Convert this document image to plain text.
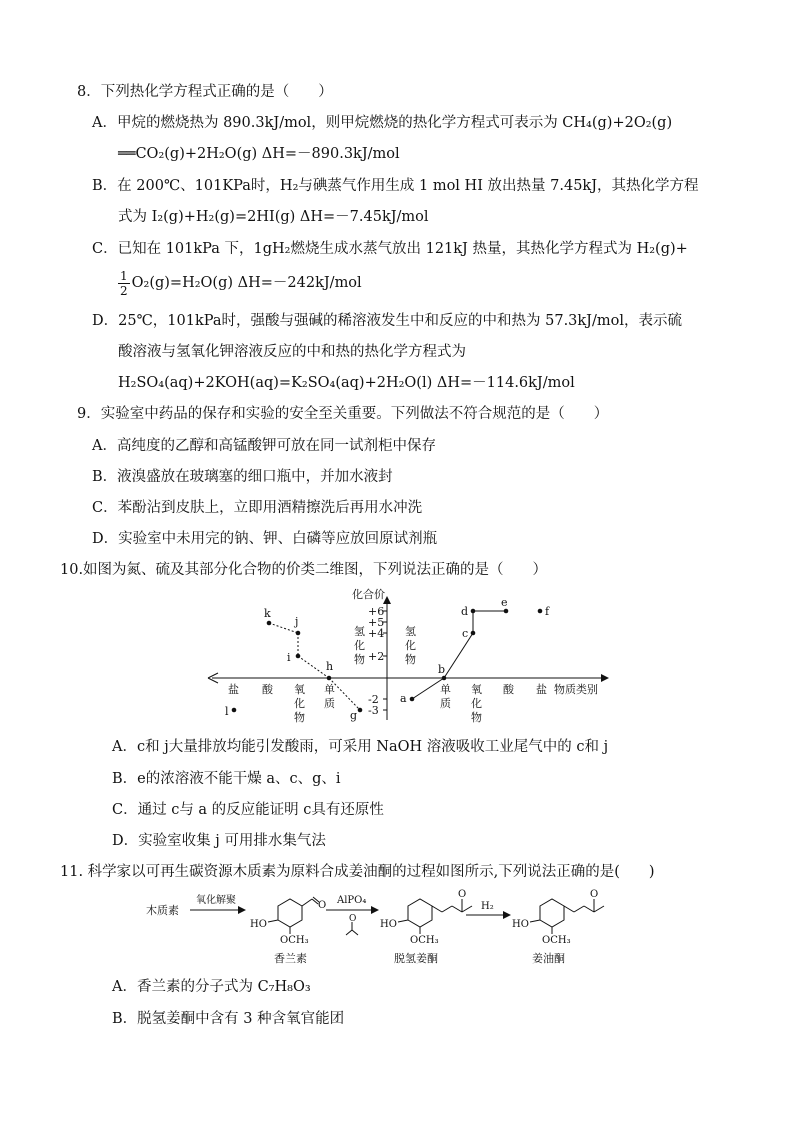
8．下列热化学方程式正确的是（　　）
A．甲烷的燃烧热为 890.3kJ/mol，则甲烷燃烧的热化学方程式可表示为 CH₄(g)+2O₂(g)
══CO₂(g)+2H₂O(g) ΔH=－890.3kJ/mol
B．在 200℃、101KPa时，H₂与碘蒸气作用生成 1 mol HI 放出热量 7.45kJ，其热化学方程
式为 I₂(g)+H₂(g)=2HI(g) ΔH=－7.45kJ/mol
C．已知在 101kPa 下，1gH₂燃烧生成水蒸气放出 121kJ 热量，其热化学方程式为 H₂(g)+
$\frac{1}{2} O_2(g)=H_2O(g)$ ΔH=－242kJ/mol
D．25℃，101kPa时，强酸与强碱的稀溶液发生中和反应的中和热为 57.3kJ/mol，表示硫
酸溶液与氢氧化钾溶液反应的中和热的热化学方程式为
H₂SO₄(aq)+2KOH(aq)=K₂SO₄(aq)+2H₂O(l) ΔH=－114.6kJ/mol
9．实验室中药品的保存和实验的安全至关重要。下列做法不符合规范的是（　　）
A．高纯度的乙醇和高锰酸钾可放在同一试剂柜中保存
B．液溴盛放在玻璃塞的细口瓶中，并加水液封
C．苯酚沾到皮肤上，立即用酒精擦洗后再用水冲洗
D．实验室中未用完的钠、钾、白磷等应放回原试剂瓶
10.如图为氮、硫及其部分化合物的价类二维图，下列说法正确的是（　　）
化合价
+6
+5
+4
+2
-2
-3
氢化物
氢化物
盐 酸 氧化物
单质
单质
氧化物
酸 盐 物质类别
k
j
i
h
g
l
a
b
c
d
e
f
A．c和 j大量排放均能引发酸雨，可采用 NaOH 溶液吸收工业尾气中的 c和 j
B．e的浓溶液不能干燥 a、c、g、i
C．通过 c与 a 的反应能证明 c具有还原性
D．实验室收集 j 可用排水集气法
11. 科学家以可再生碳资源木质素为原料合成姜油酮的过程如图所示,下列说法正确的是(　　)
木质素
氧化解聚	O
HO
OCH₃
香兰素
AlPO₄
O
O
HO
OCH₃
脱氢姜酮
H₂
O
HO
OCH₃
姜油酮
A．香兰素的分子式为 C₇H₈O₃
B．脱氢姜酮中含有 3 种含氧官能团
